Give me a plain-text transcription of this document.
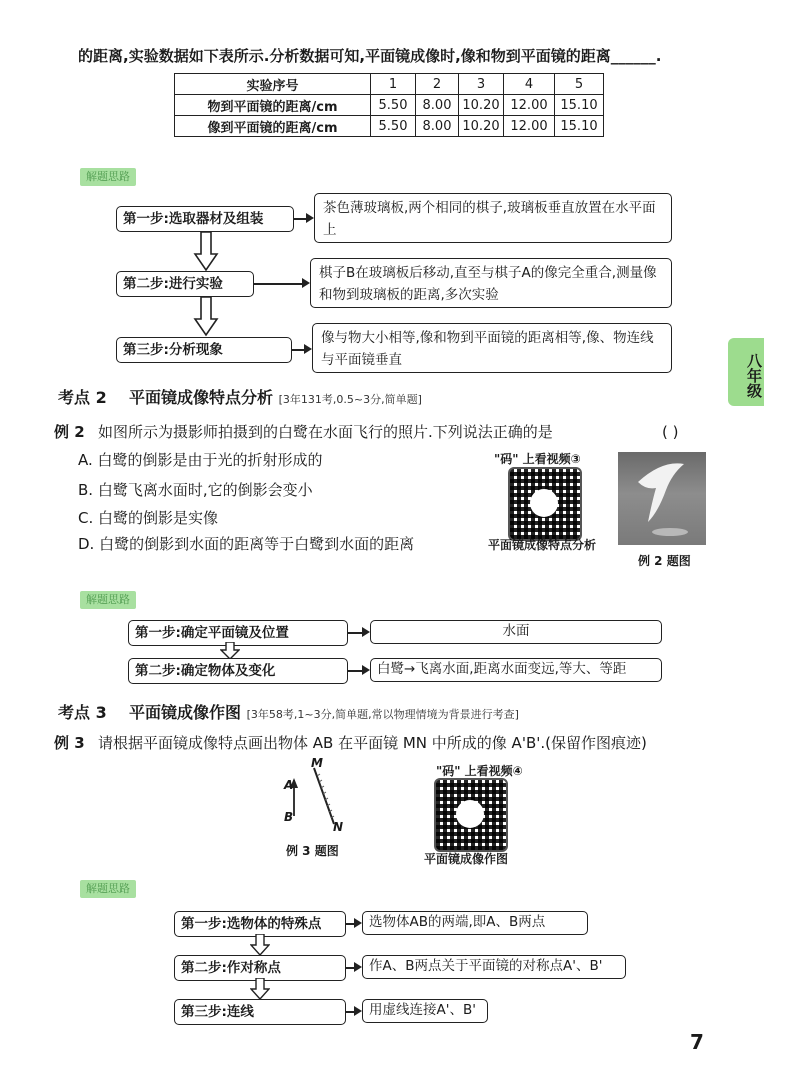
的距离,实验数据如下表所示.分析数据可知,平面镜成像时,像和物到平面镜的距离______.
实验序号	1	2	3	4	5
物到平面镜的距离/cm	5.50	8.00	10.20	12.00	15.10
像到平面镜的距离/cm	5.50	8.00	10.20	12.00	15.10
解题思路
第一步:选取器材及组装
茶色薄玻璃板,两个相同的棋子,玻璃板垂直放置在水平面上
第二步:进行实验
棋子B在玻璃板后移动,直至与棋子A的像完全重合,测量像和物到玻璃板的距离,多次实验
第三步:分析现象
像与物大小相等,像和物到平面镜的距离相等,像、物连线与平面镜垂直	八年级
考点 2 平面镜成像特点分析 [3年131考,0.5~3分,简单题]
例 2 如图所示为摄影师拍摄到的白鹭在水面飞行的照片.下列说法正确的是	( )
A. 白鹭的倒影是由于光的折射形成的
B. 白鹭飞离水面时,它的倒影会变小
C. 白鹭的倒影是实像
D. 白鹭的倒影到水面的距离等于白鹭到水面的距离
"码" 上看视频③
平面镜成像特点分析
例 2 题图
解题思路
第一步:确定平面镜及位置	水面
第二步:确定物体及变化	白鹭→飞离水面,距离水面变远,等大、等距
考点 3 平面镜成像作图 [3年58考,1~3分,简单题,常以物理情境为背景进行考查]
例 3 请根据平面镜成像特点画出物体 AB 在平面镜 MN 中所成的像 A'B'.(保留作图痕迹)
M
N
A
B
例 3 题图
"码" 上看视频④
平面镜成像作图
解题思路
第一步:选物体的特殊点	选物体AB的两端,即A、B两点
第二步:作对称点	作A、B两点关于平面镜的对称点A'、B'
第三步:连线	用虚线连接A'、B'
7
